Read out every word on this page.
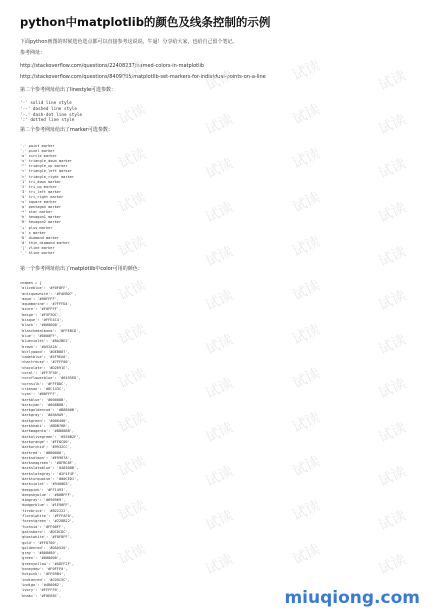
python中matplotlib的颜色及线条控制的示例
下面python画图的时候选色选点都可以直接参考这说说，牛逼！分享给大家，也给自己留个笔记。
参考网址：
http://stackoverflow.com/questions/22408237/named-colors-in-matplotlib
http://stackoverflow.com/questions/8409095/matplotlib-set-markers-for-individual-points-on-a-line
第二个参考网址给出了linestyle可选参数：
'-' solid line style
'--' dashed line style
'-.' dash-dot line style
':' dotted line style
第二个参考网址给出了marker可选参数：
'.' point marker
',' pixel marker
'o' circle marker
'v' triangle_down marker
'^' triangle_up marker
'<' triangle_left marker
'>' triangle_right marker
'1' tri_down marker
'2' tri_up marker
'3' tri_left marker
'4' tri_right marker
's' square marker
'p' pentagon marker
'*' star marker
'h' hexagon1 marker
'H' hexagon2 marker
'+' plus marker
'x' x marker
'D' diamond marker
'd' thin_diamond marker
'|' vline marker
'_' hline marker
第一个参考网址给出了matplotlib中color可用的颜色：
cnames = {
'aliceblue': '#F0F8FF',
'antiquewhite': '#FAEBD7',
'aqua': '#00FFFF',
'aquamarine': '#7FFFD4',
'azure': '#F0FFFF',
'beige': '#F5F5DC',
'bisque': '#FFE4C4',
'black': '#000000',
'blanchedalmond': '#FFEBCD',
'blue': '#0000FF',
'blueviolet': '#8A2BE2',
'brown': '#A52A2A',
'burlywood': '#DEB887',
'cadetblue': '#5F9EA0',
'chartreuse': '#7FFF00',
'chocolate': '#D2691E',
'coral': '#FF7F50',
'cornflowerblue': '#6495ED',
'cornsilk': '#FFF8DC',
'crimson': '#DC143C',
'cyan': '#00FFFF',
'darkblue': '#00008B',
'darkcyan': '#008B8B',
'darkgoldenrod': '#B8860B',
'darkgray': '#A9A9A9',
'darkgreen': '#006400',
'darkkhaki': '#BDB76B',
'darkmagenta': '#8B008B',
'darkolivegreen': '#556B2F',
'darkorange': '#FF8C00',
'darkorchid': '#9932CC',
'darkred': '#8B0000',
'darksalmon': '#E9967A',
'darkseagreen': '#8FBC8F',
'darkslateblue': '#483D8B',
'darkslategray': '#2F4F4F',
'darkturquoise': '#00CED1',
'darkviolet': '#9400D3',
'deeppink': '#FF1493',
'deepskyblue': '#00BFFF',
'dimgray': '#696969',
'dodgerblue': '#1E90FF',
'firebrick': '#B22222',
'floralwhite': '#FFFAF0',
'forestgreen': '#228B22',
'fuchsia': '#FF00FF',
'gainsboro': '#DCDCDC',
'ghostwhite': '#F8F8FF',
'gold': '#FFD700',
'goldenrod': '#DAA520',
'gray': '#808080',
'green': '#008000',
'greenyellow': '#ADFF2F',
'honeydew': '#F0FFF0',
'hotpink': '#FF69B4',
'indianred': '#CD5C5C',
'indigo': '#4B0082',
'ivory': '#FFFFF0',
'khaki': '#F0E68C',
试读	试读	试读	试读
试读	试读	试读	试读
试读	试读	试读	试读
试读	试读	试读	试读
试读	试读	试读	试读
试读	试读	试读	试读
试读	试读	试读	试读
试读	试读	试读	试读
试读	试读	试读	试读
试读	试读	试读	试读
试读	试读	试读	试读
试读	试读	试读	试读
miuqiong.com
